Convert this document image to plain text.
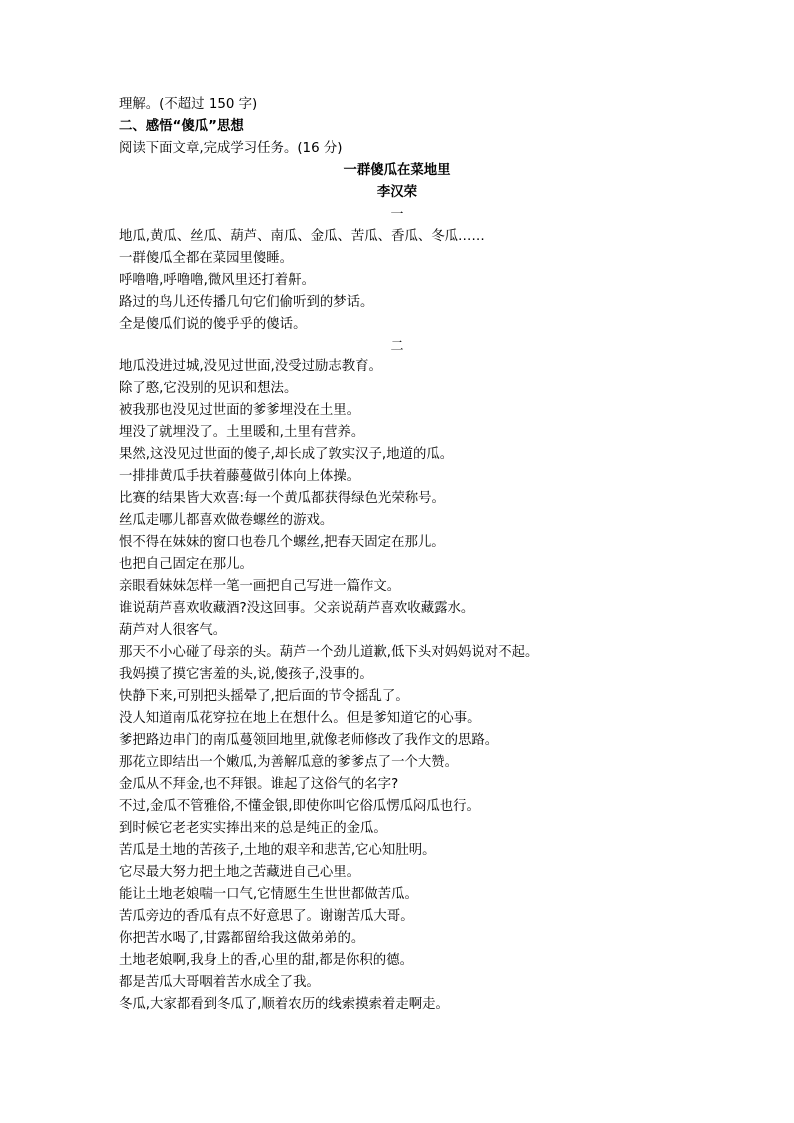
理解。(不超过 150 字)
二、感悟“傻瓜”思想
阅读下面文章,完成学习任务。(16 分)
一群傻瓜在菜地里
李汉荣
一
地瓜,黄瓜、丝瓜、葫芦、南瓜、金瓜、苦瓜、香瓜、冬瓜……
一群傻瓜全都在菜园里傻睡。
呼噜噜,呼噜噜,微风里还打着鼾。
路过的鸟儿还传播几句它们偷听到的梦话。
全是傻瓜们说的傻乎乎的傻话。
二
地瓜没进过城,没见过世面,没受过励志教育。
除了憨,它没别的见识和想法。
被我那也没见过世面的爹爹埋没在土里。
埋没了就埋没了。土里暖和,土里有营养。
果然,这没见过世面的傻子,却长成了敦实汉子,地道的瓜。
一排排黄瓜手扶着藤蔓做引体向上体操。
比赛的结果皆大欢喜:每一个黄瓜都获得绿色光荣称号。
丝瓜走哪儿都喜欢做卷螺丝的游戏。
恨不得在妹妹的窗口也卷几个螺丝,把春天固定在那儿。
也把自己固定在那儿。
亲眼看妹妹怎样一笔一画把自己写进一篇作文。
谁说葫芦喜欢收藏酒?没这回事。父亲说葫芦喜欢收藏露水。
葫芦对人很客气。
那天不小心碰了母亲的头。葫芦一个劲儿道歉,低下头对妈妈说对不起。
我妈摸了摸它害羞的头,说,傻孩子,没事的。
快静下来,可别把头摇晕了,把后面的节令摇乱了。
没人知道南瓜花穿拉在地上在想什么。但是爹知道它的心事。
爹把路边串门的南瓜蔓领回地里,就像老师修改了我作文的思路。
那花立即结出一个嫩瓜,为善解瓜意的爹爹点了一个大赞。
金瓜从不拜金,也不拜银。谁起了这俗气的名字?
不过,金瓜不管雅俗,不懂金银,即使你叫它俗瓜愣瓜闷瓜也行。
到时候它老老实实捧出来的总是纯正的金瓜。
苦瓜是土地的苦孩子,土地的艰辛和悲苦,它心知肚明。
它尽最大努力把土地之苦藏进自己心里。
能让土地老娘喘一口气,它情愿生生世世都做苦瓜。
苦瓜旁边的香瓜有点不好意思了。谢谢苦瓜大哥。
你把苦水喝了,甘露都留给我这做弟弟的。
土地老娘啊,我身上的香,心里的甜,都是你积的德。
都是苦瓜大哥咽着苦水成全了我。
冬瓜,大家都看到冬瓜了,顺着农历的线索摸索着走啊走。
